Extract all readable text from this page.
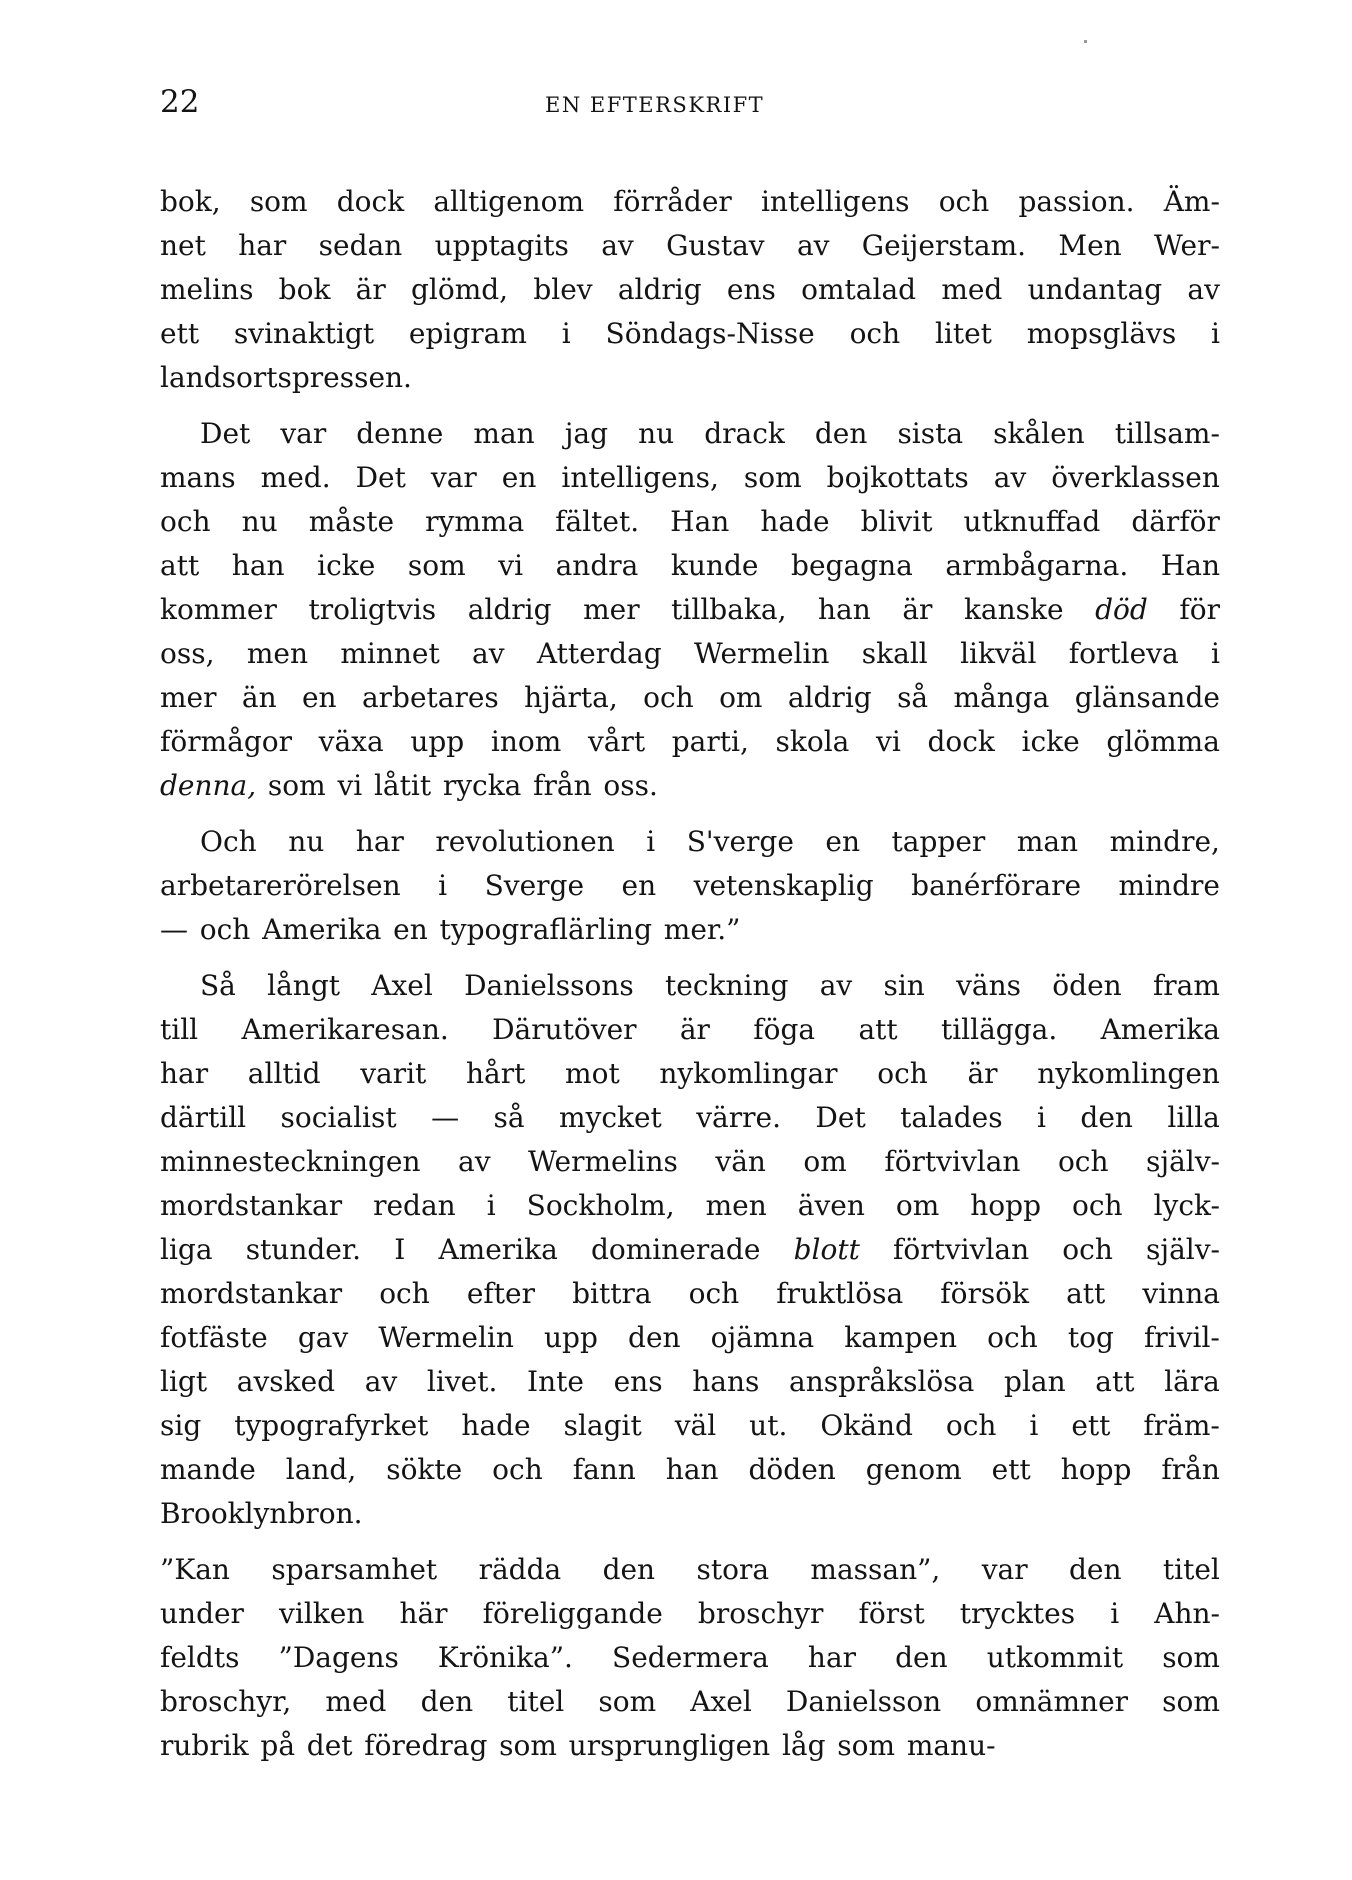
22	EN EFTERSKRIFT
bok, som dock alltigenom förråder intelligens och passion. Äm-
net har sedan upptagits av Gustav av Geijerstam. Men Wer-
melins bok är glömd, blev aldrig ens omtalad med undantag av
ett svinaktigt epigram i Söndags-Nisse och litet mopsglävs i
landsortspressen.
Det var denne man jag nu drack den sista skålen tillsam-
mans med. Det var en intelligens, som bojkottats av överklassen
och nu måste rymma fältet. Han hade blivit utknuffad därför
att han icke som vi andra kunde begagna armbågarna. Han
kommer troligtvis aldrig mer tillbaka, han är kanske död för
oss, men minnet av Atterdag Wermelin skall likväl fortleva i
mer än en arbetares hjärta, och om aldrig så många glänsande
förmågor växa upp inom vårt parti, skola vi dock icke glömma
denna, som vi låtit rycka från oss.
Och nu har revolutionen i S'verge en tapper man mindre,
arbetarerörelsen i Sverge en vetenskaplig banérförare mindre
— och Amerika en typograflärling mer.”
Så långt Axel Danielssons teckning av sin väns öden fram
till Amerikaresan. Därutöver är föga att tillägga. Amerika
har alltid varit hårt mot nykomlingar och är nykomlingen
därtill socialist — så mycket värre. Det talades i den lilla
minnesteckningen av Wermelins vän om förtvivlan och själv-
mordstankar redan i Sockholm, men även om hopp och lyck-
liga stunder. I Amerika dominerade blott förtvivlan och själv-
mordstankar och efter bittra och fruktlösa försök att vinna
fotfäste gav Wermelin upp den ojämna kampen och tog frivil-
ligt avsked av livet. Inte ens hans anspråkslösa plan att lära
sig typografyrket hade slagit väl ut. Okänd och i ett främ-
mande land, sökte och fann han döden genom ett hopp från
Brooklynbron.
”Kan sparsamhet rädda den stora massan”, var den titel
under vilken här föreliggande broschyr först trycktes i Ahn-
feldts ”Dagens Krönika”. Sedermera har den utkommit som
broschyr, med den titel som Axel Danielsson omnämner som
rubrik på det föredrag som ursprungligen låg som manu-
